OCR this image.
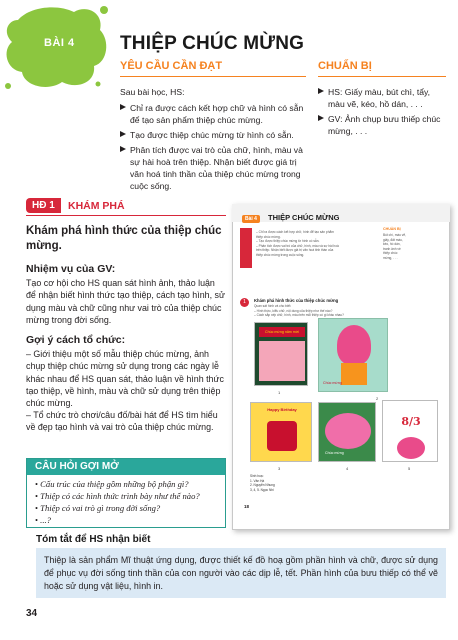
BÀI 4 THIỆP CHÚC MỪNG
YÊU CẦU CẦN ĐẠT	CHUẨN BỊ
Sau bài học, HS:
Chỉ ra được cách kết hợp chữ và hình có sẵn để tạo sản phẩm thiệp chúc mừng.
Tạo được thiệp chúc mừng từ hình có sẵn.
Phân tích được vai trò của chữ, hình, màu và sự hài hoà trên thiệp. Nhận biết được giá trị văn hoá tinh thần của thiệp chúc mừng trong cuộc sống.
HS: Giấy màu, bút chì, tẩy, màu vẽ, kéo, hồ dán, . . .
GV: Ảnh chụp bưu thiếp chúc mừng, . . .
HĐ 1	KHÁM PHÁ
Khám phá hình thức của thiệp chúc mừng.
Nhiệm vụ của GV:

Tạo cơ hội cho HS quan sát hình ảnh, thảo luận để nhận biết hình thức tạo thiệp, cách tạo hình, sử dụng màu và chữ cũng như vai trò của thiệp chúc mừng trong đời sống.

Gợi ý cách tổ chức:

– Giới thiệu một số mẫu thiệp chúc mừng, ảnh chụp thiệp chúc mừng sử dụng trong các ngày lễ khác nhau để HS quan sát, thảo luận về hình thức tạo thiệp, về hình, màu và chữ sử dụng trên thiệp chúc mừng.

– Tổ chức trò chơi/câu đố/bài hát để HS tìm hiểu về đẹp tạo hình và vai trò của thiệp chúc mừng.

CÂU HỎI GỢI MỞ
• Cấu trúc của thiệp gồm những bộ phận gì?
• Thiệp có các hình thức trình bày như thế nào?
• Thiệp có vai trò gì trong đời sống?
• ...?
Tóm tắt để HS nhận biết
Thiệp là sản phẩm Mĩ thuật ứng dụng, được thiết kế đồ hoạ gồm phần hình và chữ, được sử dụng để phục vụ đời sống tinh thần của con người vào các dịp lễ, tết. Phần hình của bưu thiếp có thể vẽ hoặc sử dụng vật liệu, hình in.
34
Bài 4	THIỆP CHÚC MỪNG
– Chỉ ra được cách kết hợp chữ, hình để tạo sản phẩm
thiệp chúc mừng.
– Tạo được thiệp chúc mừng từ hình có sẵn.
– Phân tích được vai trò của chữ, hình, màu và sự hài hoà
trên thiệp. Nhận biết được giá trị văn hoá tinh thần của
thiệp chúc mừng trong cuộc sống.
CHUẨN BỊ
Bút chì, màu vẽ,
giấy, đất màu,
kéo, hồ dán,
tranh ảnh về
thiệp chúc
mừng, . . .
1	Khám phá hình thức của thiệp chúc mừng
Quan sát hình và cho biết:
– Hình thức, kiểu chữ, nội dung của thiệp như thế nào?
– Cách sắp xếp chữ, hình, màu trên mỗi thiệp có gì khác nhau?
Chúc mừng năm mới
1
Chúc mừng
2
Happy Birthday
3
Chúc mừng
4
8/3
5
Sinh hoạ:
1. Vân Hà
2. Nguyễn Nhung
3, 4, 5. Ngọc Nhi
18
